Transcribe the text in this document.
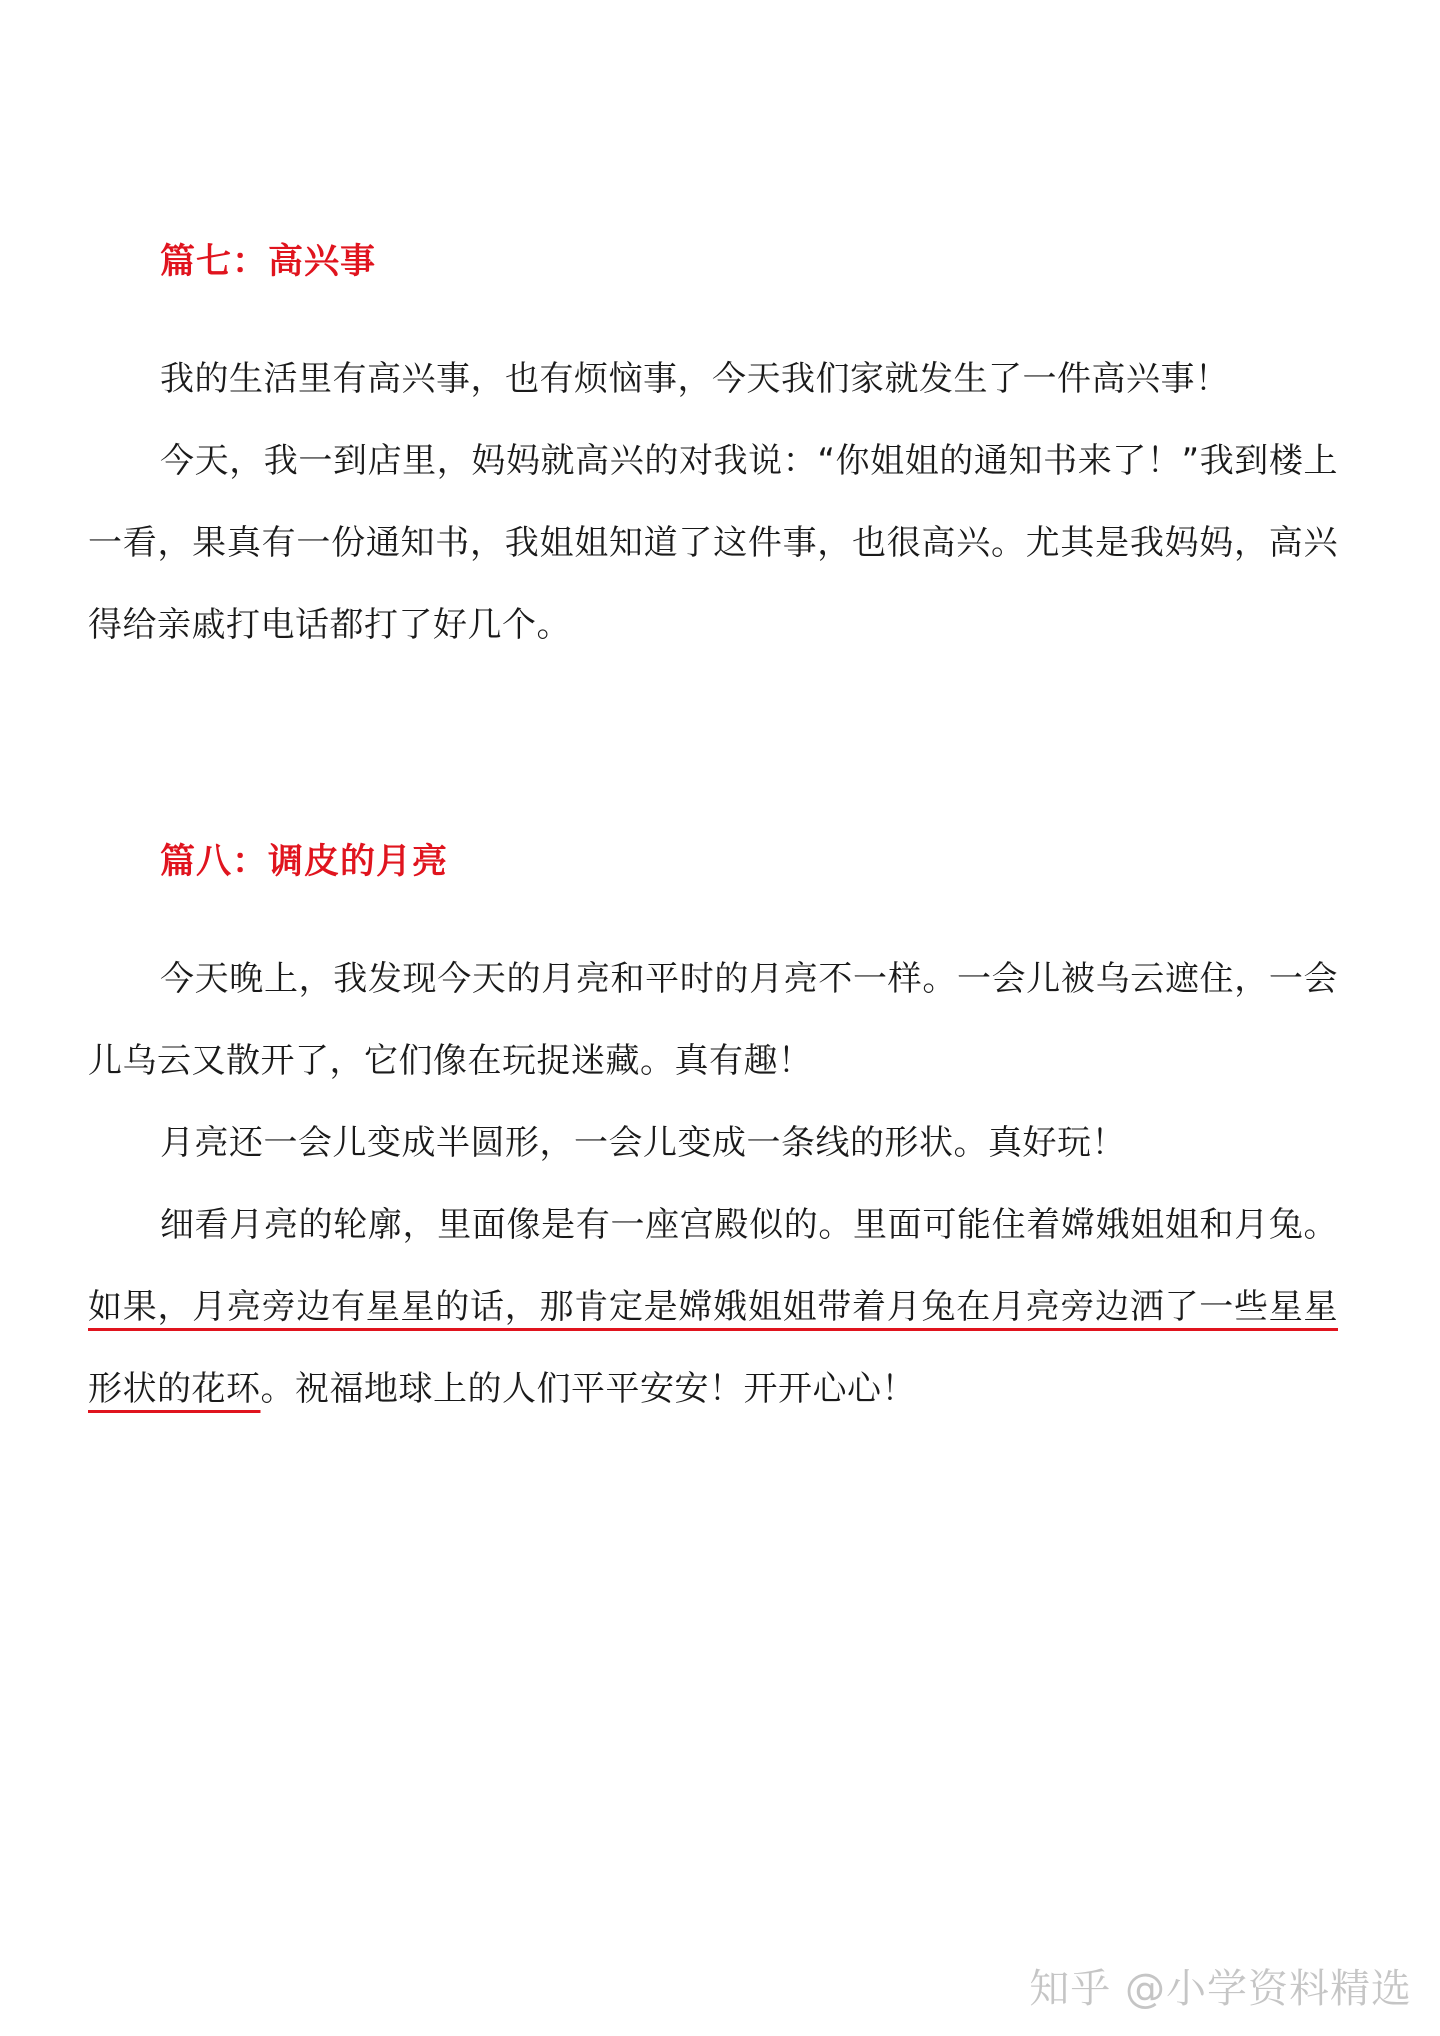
篇七：高兴事

我的生活里有高兴事，也有烦恼事，今天我们家就发生了一件高兴事！

今天，我一到店里，妈妈就高兴的对我说：“你姐姐的通知书来了！”我到楼上一看，果真有一份通知书，我姐姐知道了这件事，也很高兴。尤其是我妈妈，高兴得给亲戚打电话都打了好几个。

篇八：调皮的月亮

今天晚上，我发现今天的月亮和平时的月亮不一样。一会儿被乌云遮住，一会儿乌云又散开了，它们像在玩捉迷藏。真有趣！

月亮还一会儿变成半圆形，一会儿变成一条线的形状。真好玩！

细看月亮的轮廓，里面像是有一座宫殿似的。里面可能住着嫦娥姐姐和月兔。如果，月亮旁边有星星的话，那肯定是嫦娥姐姐带着月兔在月亮旁边洒了一些星星形状的花环。祝福地球上的人们平平安安！开开心心！

知乎 @小学资料精选
